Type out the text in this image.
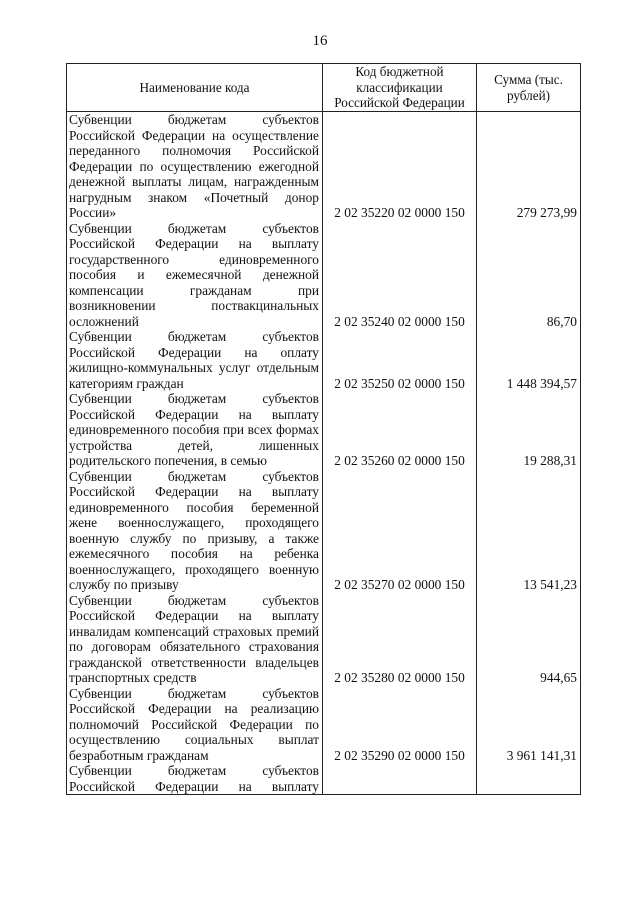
16
Наименование кода	Код бюджетной классификации Российской Федерации	Сумма (тыс. рублей)
Субвенции бюджетам субъектов Российской Федерации на осуществление переданного полномочия Российской Федерации по осуществлению ежегодной денежной выплаты лицам, награжденным нагрудным знаком «Почетный донор России»	2 02 35220 02 0000 150	279 273,99
Субвенции бюджетам субъектов Российской Федерации на выплату государственного единовременного пособия и ежемесячной денежной компенсации гражданам при возникновении поствакцинальных осложнений	2 02 35240 02 0000 150	86,70
Субвенции бюджетам субъектов Российской Федерации на оплату жилищно-коммунальных услуг отдельным категориям граждан	2 02 35250 02 0000 150	1 448 394,57
Субвенции бюджетам субъектов Российской Федерации на выплату единовременного пособия при всех формах устройства детей, лишенных родительского попечения, в семью	2 02 35260 02 0000 150	19 288,31
Субвенции бюджетам субъектов Российской Федерации на выплату единовременного пособия беременной жене военнослужащего, проходящего военную службу по призыву, а также ежемесячного пособия на ребенка военнослужащего, проходящего военную службу по призыву	2 02 35270 02 0000 150	13 541,23
Субвенции бюджетам субъектов Российской Федерации на выплату инвалидам компенсаций страховых премий по договорам обязательного страхования гражданской ответственности владельцев транспортных средств	2 02 35280 02 0000 150	944,65
Субвенции бюджетам субъектов Российской Федерации на реализацию полномочий Российской Федерации по осуществлению социальных выплат безработным гражданам	2 02 35290 02 0000 150	3 961 141,31
Субвенции бюджетам субъектов Российской Федерации на выплату		
